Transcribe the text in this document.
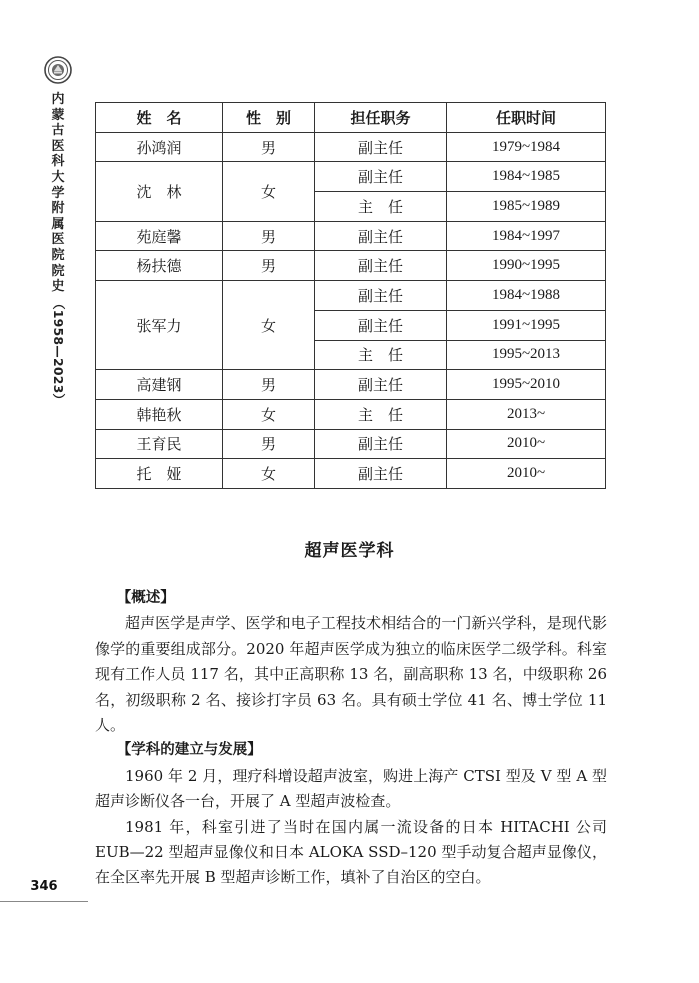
内蒙古医科大学附属医院院史
（1958—2023）
姓　名	性　别	担任职务	任职时间
孙鸿润	男	副主任	1979~1984
沈　林	女	副主任	1984~1985
		主　任	1985~1989
苑庭馨	男	副主任	1984~1997
杨扶德	男	副主任	1990~1995
张军力	女	副主任	1984~1988
		副主任	1991~1995
		主　任	1995~2013
高建钢	男	副主任	1995~2010
韩艳秋	女	主　任	2013~
王育民	男	副主任	2010~
托　娅	女	副主任	2010~
超声医学科
【概述】

超声医学是声学、医学和电子工程技术相结合的一门新兴学科，是现代影像学的重要组成部分。2020 年超声医学成为独立的临床医学二级学科。科室现有工作人员 117 名，其中正高职称 13 名，副高职称 13 名，中级职称 26 名，初级职称 2 名、接诊打字员 63 名。具有硕士学位 41 名、博士学位 11 人。

【学科的建立与发展】

1960 年 2 月，理疗科增设超声波室，购进上海产 CTSI 型及 V 型 A 型超声诊断仪各一台，开展了 A 型超声波检查。

1981 年，科室引进了当时在国内属一流设备的日本 HITACHI 公司 EUB—22 型超声显像仪和日本 ALOKA SSD–120 型手动复合超声显像仪，在全区率先开展 B 型超声诊断工作，填补了自治区的空白。

346
